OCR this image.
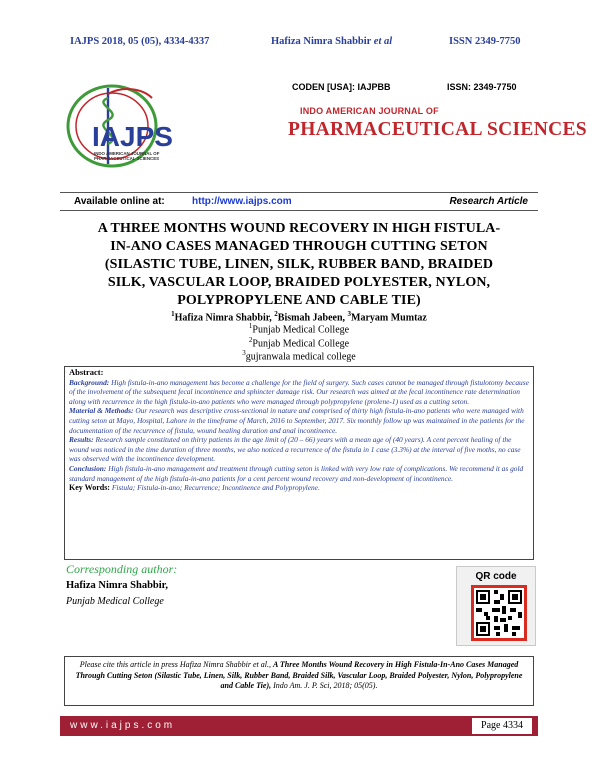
IAJPS 2018, 05 (05), 4334-4337	Hafiza Nimra Shabbir et al	ISSN 2349-7750
IAJPS
INDO AMERICAN JOURNAL OF
PHARMACEUTICAL SCIENCES
CODEN [USA]: IAJPBB	ISSN: 2349-7750
INDO AMERICAN JOURNAL OF
PHARMACEUTICAL SCIENCES
Available online at:	http://www.iajps.com	Research Article
A THREE MONTHS WOUND RECOVERY IN HIGH FISTULA-
IN-ANO CASES MANAGED THROUGH CUTTING SETON
(SILASTIC TUBE, LINEN, SILK, RUBBER BAND, BRAIDED
SILK, VASCULAR LOOP, BRAIDED POLYESTER, NYLON,
POLYPROPYLENE AND CABLE TIE)
$^1$Hafiza Nimra Shabbir, $^2$Bismah Jabeen, $^3$Maryam Mumtaz
$^1$Punjab Medical College
$^2$Punjab Medical College
$^3$gujranwala medical college
Abstract:
Background: High fistula-in-ano management has become a challenge for the field of surgery. Such cases cannot be managed through fistulotomy because of the involvement of the subsequent fecal incontinence and sphincter damage risk. Our research was aimed at the fecal incontinence rate determination along with recurrence in the high fistula-in-ano patients who were managed through polypropylene (prolene-1) used as a cutting seton.
Material & Methods: Our research was descriptive cross-sectional in nature and comprised of thirty high fistula-in-ano patients who were managed with cutting seton at Mayo, Hospital, Lahore in the timeframe of March, 2016 to September, 2017. Six monthly follow up was maintained in the patients for the documentation of the recurrence of fistula, wound healing duration and anal incontinence.
Results: Research sample constituted on thirty patients in the age limit of (20 – 66) years with a mean age of (40 years). A cent percent healing of the wound was noticed in the time duration of three months, we also noticed a recurrence of the fistula in 1 case (3.3%) at the interval of five moths, no case was observed with the incontinence development.
Conclusion: High fistula-in-ano management and treatment through cutting seton is linked with very low rate of complications. We recommend it as gold standard management of the high fistula-in-ano patients for a cent percent wound recovery and non-development of incontinence.
Key Words: Fistula; Fistula-in-ano; Recurrence; Incontinence and Polypropylene.
Corresponding author:
Hafiza Nimra Shabbir,
Punjab Medical College
QR code
Please cite this article in press Hafiza Nimra Shabbir et al., A Three Months Wound Recovery in High Fistula-In-Ano Cases Managed Through Cutting Seton (Silastic Tube, Linen, Silk, Rubber Band, Braided Silk, Vascular Loop, Braided Polyester, Nylon, Polypropylene and Cable Tie), Indo Am. J. P. Sci, 2018; 05(05).
www.iajps.com	Page 4334
